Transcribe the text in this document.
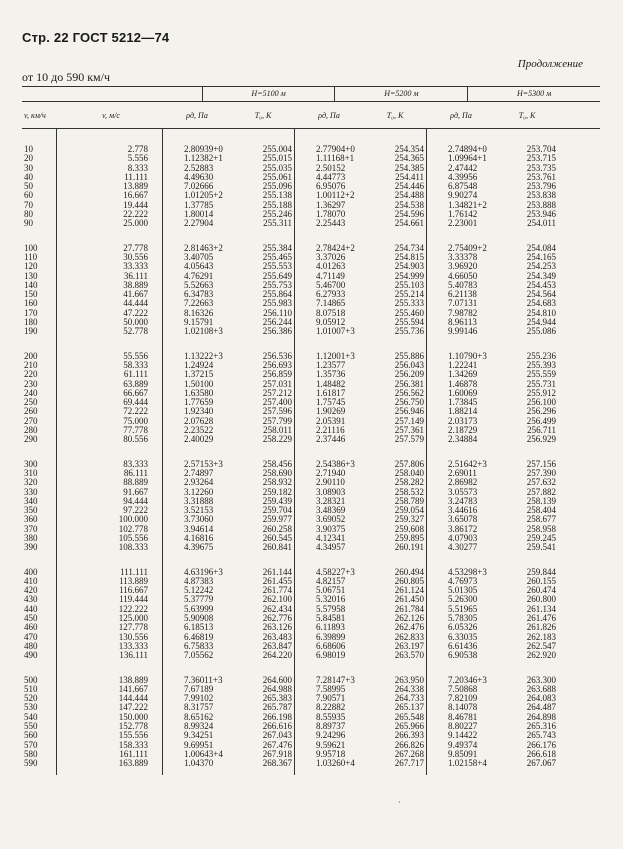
Стр. 22 ГОСТ 5212—74
Продолжение
от 10 до 590 км/ч
H=5100 м	H=5200 м	H=5300 м
v, км/ч	v, м/с	ρд, Па	T₀, К	ρд, Па	T₀, К	ρд, Па	T₀, К
10	2.778	2.80939+0	255.004	2.77904+0	254.354	2.74894+0	253.704
20	5.556	1.12382+1	255.015	1.11168+1	254.365	1.09964+1	253.715
30	8.333	2.52883	255.035	2.50152	254.385	2.47442	253.735
40	11.111	4.49630	255.061	4.44773	254.411	4.39956	253.761
50	13.889	7.02666	255.096	6.95076	254.446	6.87548	253.796
60	16.667	1.01205+2	255.138	1.00112+2	254.488	9.90274	253.838
70	19.444	1.37785	255.188	1.36297	254.538	1.34821+2	253.888
80	22.222	1.80014	255.246	1.78070	254.596	1.76142	253.946
90	25.000	2.27904	255.311	2.25443	254.661	2.23001	254.011
100	27.778	2.81463+2	255.384	2.78424+2	254.734	2.75409+2	254.084
110	30.556	3.40705	255.465	3.37026	254.815	3.33378	254.165
120	33.333	4.05643	255.553	4.01263	254.903	3.96920	254.253
130	36.111	4.76291	255.649	4.71149	254.999	4.66050	254.349
140	38.889	5.52663	255.753	5.46700	255.103	5.40783	254.453
150	41.667	6.34783	255.864	6.27933	255.214	6.21138	254.564
160	44.444	7.22663	255.983	7.14865	255.333	7.07131	254.683
170	47.222	8.16326	256.110	8.07518	255.460	7.98782	254.810
180	50.000	9.15791	256.244	9.05912	255.594	8.96113	254.944
190	52.778	1.02108+3	256.386	1.01007+3	255.736	9.99146	255.086
200	55.556	1.13222+3	256.536	1.12001+3	255.886	1.10790+3	255.236
210	58.333	1.24924	256.693	1.23577	256.043	1.22241	255.393
220	61.111	1.37215	256.859	1.35736	256.209	1.34269	255.559
230	63.889	1.50100	257.031	1.48482	256.381	1.46878	255.731
240	66.667	1.63580	257.212	1.61817	256.562	1.60069	255.912
250	69.444	1.77659	257.400	1.75745	256.750	1.73845	256.100
260	72.222	1.92340	257.596	1.90269	256.946	1.88214	256.296
270	75.000	2.07628	257.799	2.05391	257.149	2.03173	256.499
280	77.778	2.23522	258.011	2.21116	257.361	2.18729	256.711
290	80.556	2.40029	258.229	2.37446	257.579	2.34884	256.929
300	83.333	2.57153+3	258.456	2.54386+3	257.806	2.51642+3	257.156
310	86.111	2.74897	258.690	2.71940	258.040	2.69011	257.390
320	88.889	2.93264	258.932	2.90110	258.282	2.86982	257.632
330	91.667	3.12260	259.182	3.08903	258.532	3.05573	257.882
340	94.444	3.31888	259.439	3.28321	258.789	3.24783	258.139
350	97.222	3.52153	259.704	3.48369	259.054	3.44616	258.404
360	100.000	3.73060	259.977	3.69052	259.327	3.65078	258.677
370	102.778	3.94614	260.258	3.90375	259.608	3.86172	258.958
380	105.556	4.16816	260.545	4.12341	259.895	4.07903	259.245
390	108.333	4.39675	260.841	4.34957	260.191	4.30277	259.541
400	111.111	4.63196+3	261.144	4.58227+3	260.494	4.53298+3	259.844
410	113.889	4.87383	261.455	4.82157	260.805	4.76973	260.155
420	116.667	5.12242	261.774	5.06751	261.124	5.01305	260.474
430	119.444	5.37779	262.100	5.32016	261.450	5.26300	260.800
440	122.222	5.63999	262.434	5.57958	261.784	5.51965	261.134
450	125.000	5.90908	262.776	5.84581	262.126	5.78305	261.476
460	127.778	6.18513	263.126	6.11893	262.476	6.05326	261.826
470	130.556	6.46819	263.483	6.39899	262.833	6.33035	262.183
480	133.333	6.75833	263.847	6.68606	263.197	6.61436	262.547
490	136.111	7.05562	264.220	6.98019	263.570	6.90538	262.920
500	138.889	7.36011+3	264.600	7.28147+3	263.950	7.20346+3	263.300
510	141.667	7.67189	264.988	7.58995	264.338	7.50868	263.688
520	144.444	7.99102	265.383	7.90571	264.733	7.82109	264.083
530	147.222	8.31757	265.787	8.22882	265.137	8.14078	264.487
540	150.000	8.65162	266.198	8.55935	265.548	8.46781	264.898
550	152.778	8.99324	266.616	8.89737	265.966	8.80227	265.316
560	155.556	9.34251	267.043	9.24296	266.393	9.14422	265.743
570	158.333	9.69951	267.476	9.59621	266.826	9.49374	266.176
580	161.111	1.00643+4	267.918	9.95718	267.268	9.85091	266.618
590	163.889	1.04370	268.367	1.03260+4	267.717	1.02158+4	267.067
·
